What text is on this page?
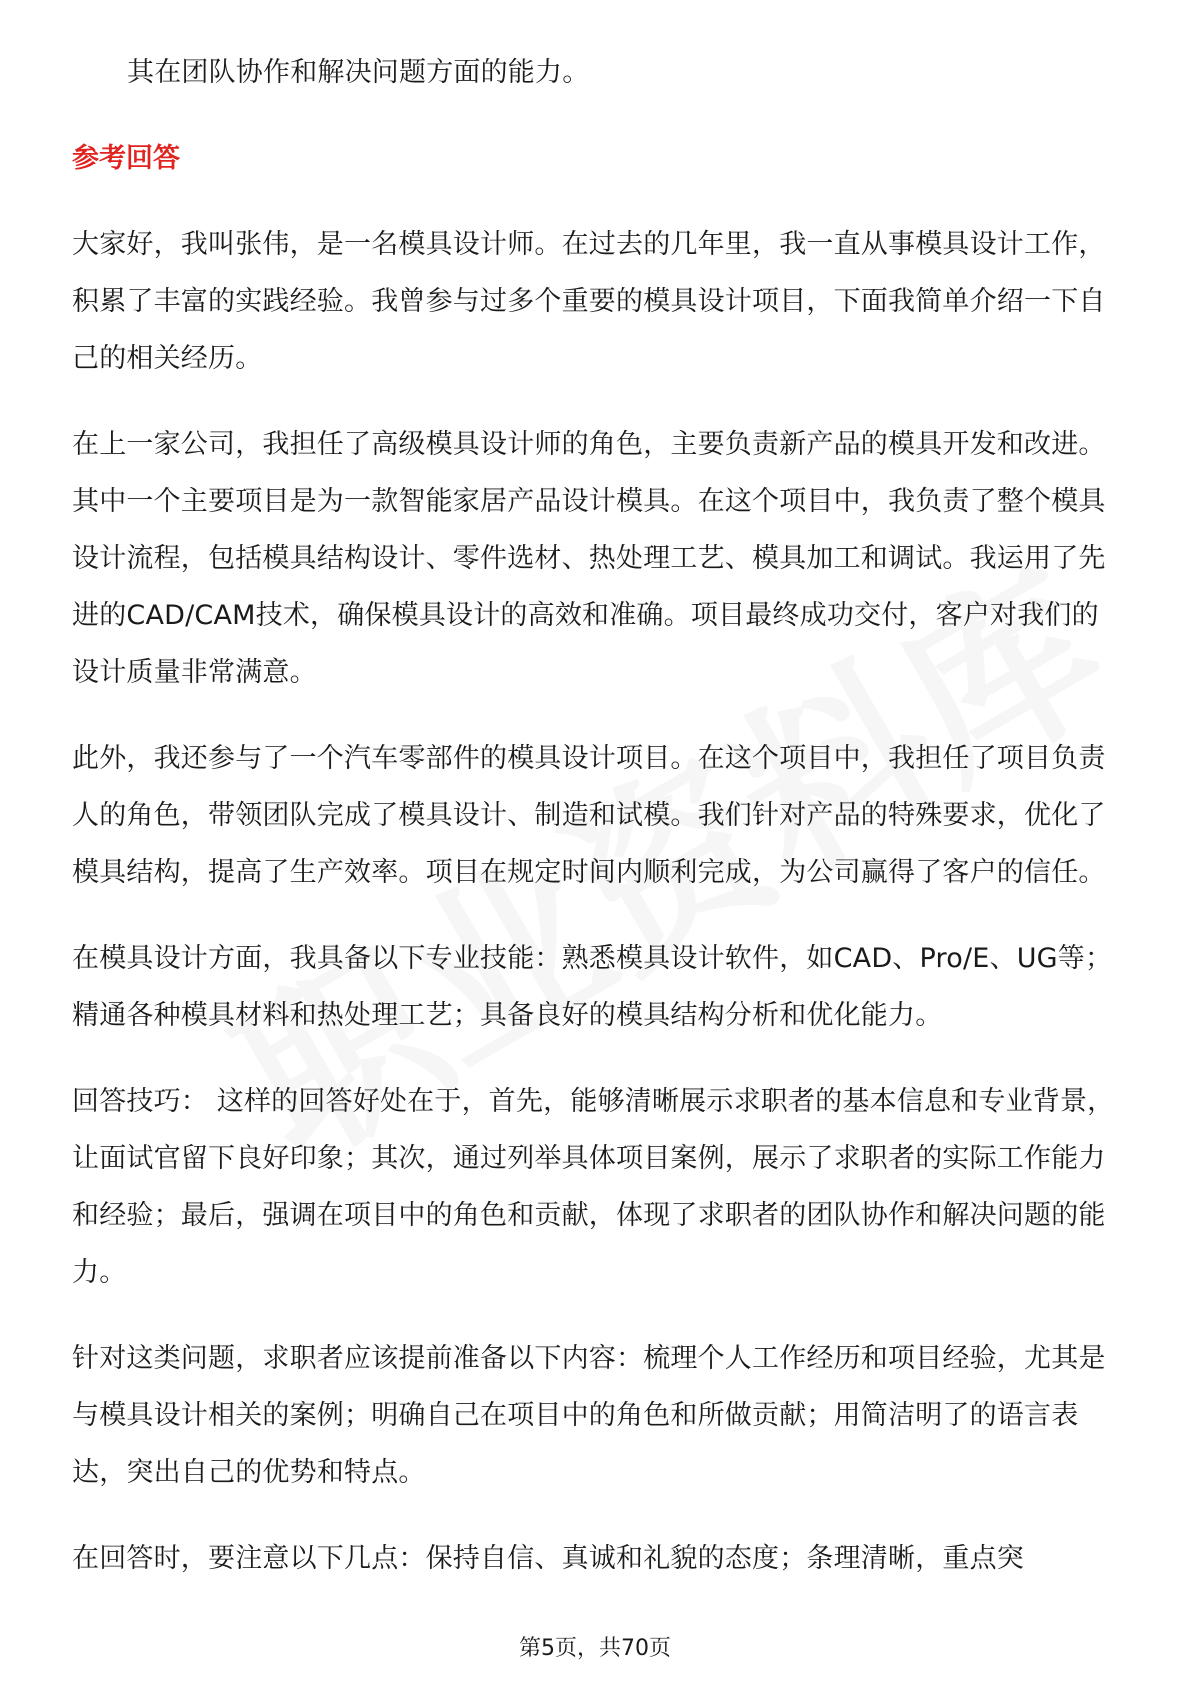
其在团队协作和解决问题方面的能力。

参考回答

大家好，我叫张伟，是一名模具设计师。在过去的几年里，我一直从事模具设计工作，积累了丰富的实践经验。我曾参与过多个重要的模具设计项目，下面我简单介绍一下自己的相关经历。

在上一家公司，我担任了高级模具设计师的角色，主要负责新产品的模具开发和改进。其中一个主要项目是为一款智能家居产品设计模具。在这个项目中，我负责了整个模具设计流程，包括模具结构设计、零件选材、热处理工艺、模具加工和调试。我运用了先进的CAD/CAM技术，确保模具设计的高效和准确。项目最终成功交付，客户对我们的设计质量非常满意。

此外，我还参与了一个汽车零部件的模具设计项目。在这个项目中，我担任了项目负责人的角色，带领团队完成了模具设计、制造和试模。我们针对产品的特殊要求，优化了模具结构，提高了生产效率。项目在规定时间内顺利完成，为公司赢得了客户的信任。

在模具设计方面，我具备以下专业技能：熟悉模具设计软件，如CAD、Pro/E、UG等；精通各种模具材料和热处理工艺；具备良好的模具结构分析和优化能力。

回答技巧： 这样的回答好处在于，首先，能够清晰展示求职者的基本信息和专业背景，让面试官留下良好印象；其次，通过列举具体项目案例，展示了求职者的实际工作能力和经验；最后，强调在项目中的角色和贡献，体现了求职者的团队协作和解决问题的能力。

针对这类问题，求职者应该提前准备以下内容：梳理个人工作经历和项目经验，尤其是与模具设计相关的案例；明确自己在项目中的角色和所做贡献；用简洁明了的语言表达，突出自己的优势和特点。

在回答时，要注意以下几点：保持自信、真诚和礼貌的态度；条理清晰，重点突

第5页，共70页
